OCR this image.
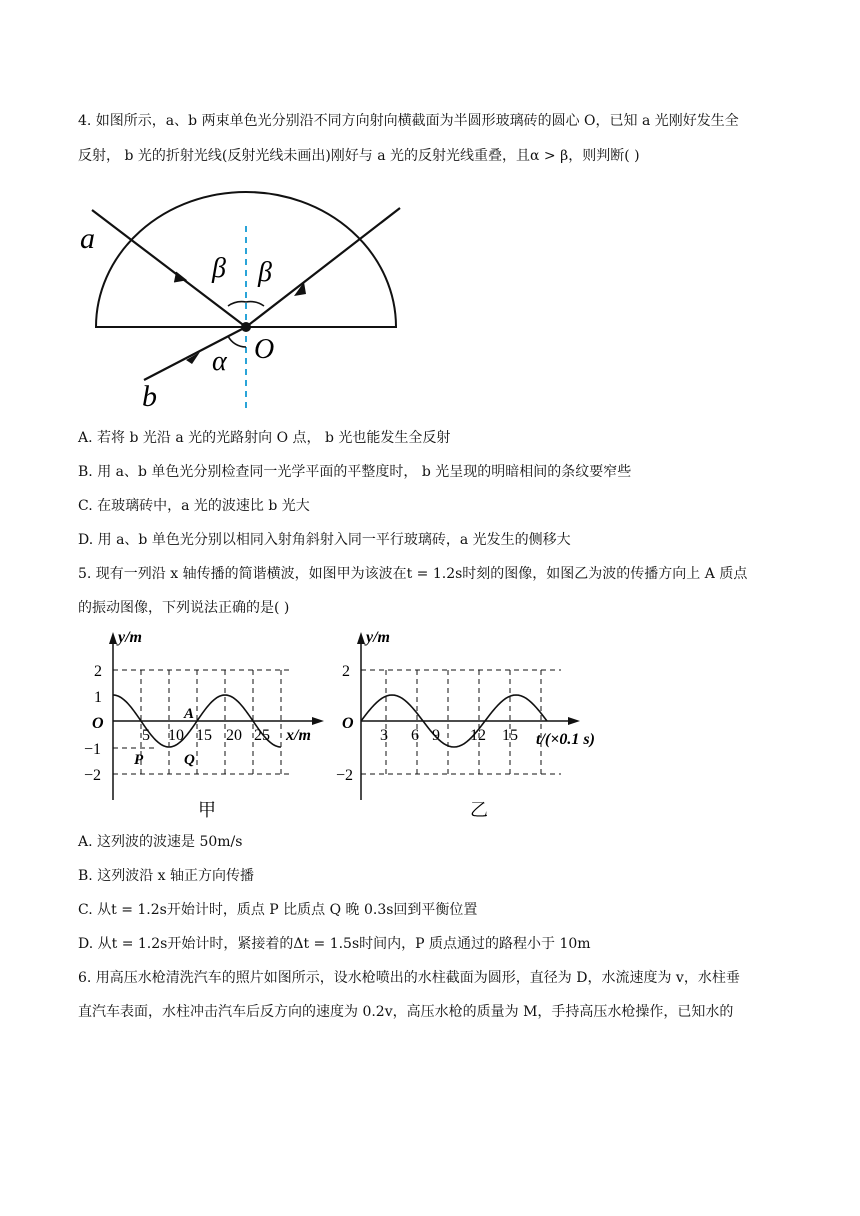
4. 如图所示，a、b 两束单色光分别沿不同方向射向横截面为半圆形玻璃砖的圆心 O，已知 a 光刚好发生全
反射， b 光的折射光线(反射光线未画出)刚好与 a 光的反射光线重叠，且α > β，则判断( )
a
b
O
β β
α
A. 若将 b 光沿 a 光的光路射向 O 点， b 光也能发生全反射
B. 用 a、b 单色光分别检查同一光学平面的平整度时， b 光呈现的明暗相间的条纹要窄些
C. 在玻璃砖中，a 光的波速比 b 光大
D. 用 a、b 单色光分别以相同入射角斜射入同一平行玻璃砖，a 光发生的侧移大
5. 现有一列沿 x 轴传播的简谐横波，如图甲为该波在t = 1.2s时刻的图像，如图乙为波的传播方向上 A 质点
的振动图像，下列说法正确的是( )
y/m
2
1
O
−1
−2
5 10 15 20 25 x/m
A
P	Q
甲
y/m
2
O
−2
3 6 9 12 15 t/(×0.1 s)
乙
A. 这列波的波速是 50m/s
B. 这列波沿 x 轴正方向传播
C. 从t = 1.2s开始计时，质点 P 比质点 Q 晚 0.3s回到平衡位置
D. 从t = 1.2s开始计时，紧接着的Δt = 1.5s时间内，P 质点通过的路程小于 10m
6. 用高压水枪清洗汽车的照片如图所示，设水枪喷出的水柱截面为圆形，直径为 D，水流速度为 v，水柱垂
直汽车表面，水柱冲击汽车后反方向的速度为 0.2v，高压水枪的质量为 M，手持高压水枪操作，已知水的
